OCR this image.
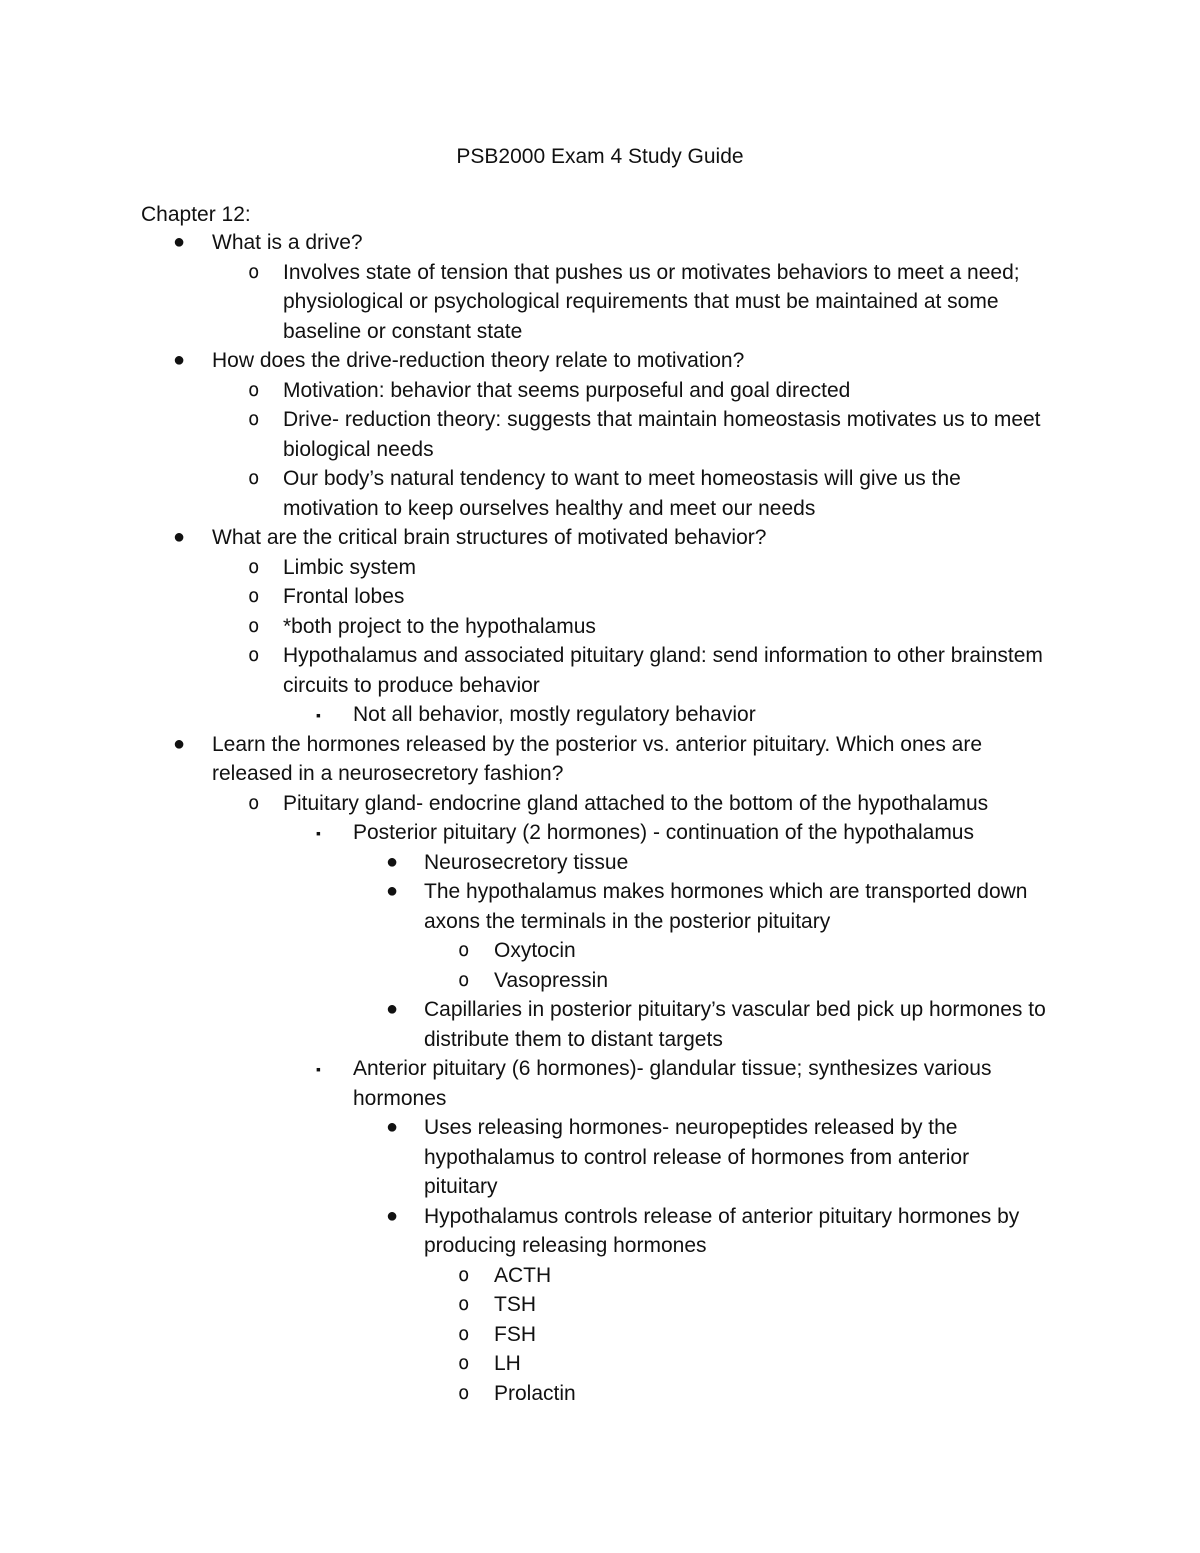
PSB2000 Exam 4 Study Guide
Chapter 12:

● What is a drive?

o Involves state of tension that pushes us or motivates behaviors to meet a need; physiological or psychological requirements that must be maintained at some baseline or constant state

● How does the drive-reduction theory relate to motivation?

o Motivation: behavior that seems purposeful and goal directed

o Drive- reduction theory: suggests that maintain homeostasis motivates us to meet biological needs

o Our body’s natural tendency to want to meet homeostasis will give us the motivation to keep ourselves healthy and meet our needs

● What are the critical brain structures of motivated behavior?

o Limbic system

o Frontal lobes

o *both project to the hypothalamus

o Hypothalamus and associated pituitary gland: send information to other brainstem circuits to produce behavior

▪ Not all behavior, mostly regulatory behavior

● Learn the hormones released by the posterior vs. anterior pituitary. Which ones are released in a neurosecretory fashion?

o Pituitary gland- endocrine gland attached to the bottom of the hypothalamus

▪ Posterior pituitary (2 hormones) - continuation of the hypothalamus

● Neurosecretory tissue

● The hypothalamus makes hormones which are transported down axons the terminals in the posterior pituitary

o Oxytocin

o Vasopressin

● Capillaries in posterior pituitary’s vascular bed pick up hormones to distribute them to distant targets

▪ Anterior pituitary (6 hormones)- glandular tissue; synthesizes various hormones

● Uses releasing hormones- neuropeptides released by the hypothalamus to control release of hormones from anterior pituitary

● Hypothalamus controls release of anterior pituitary hormones by producing releasing hormones

o ACTH

o TSH

o FSH

o LH

o Prolactin
